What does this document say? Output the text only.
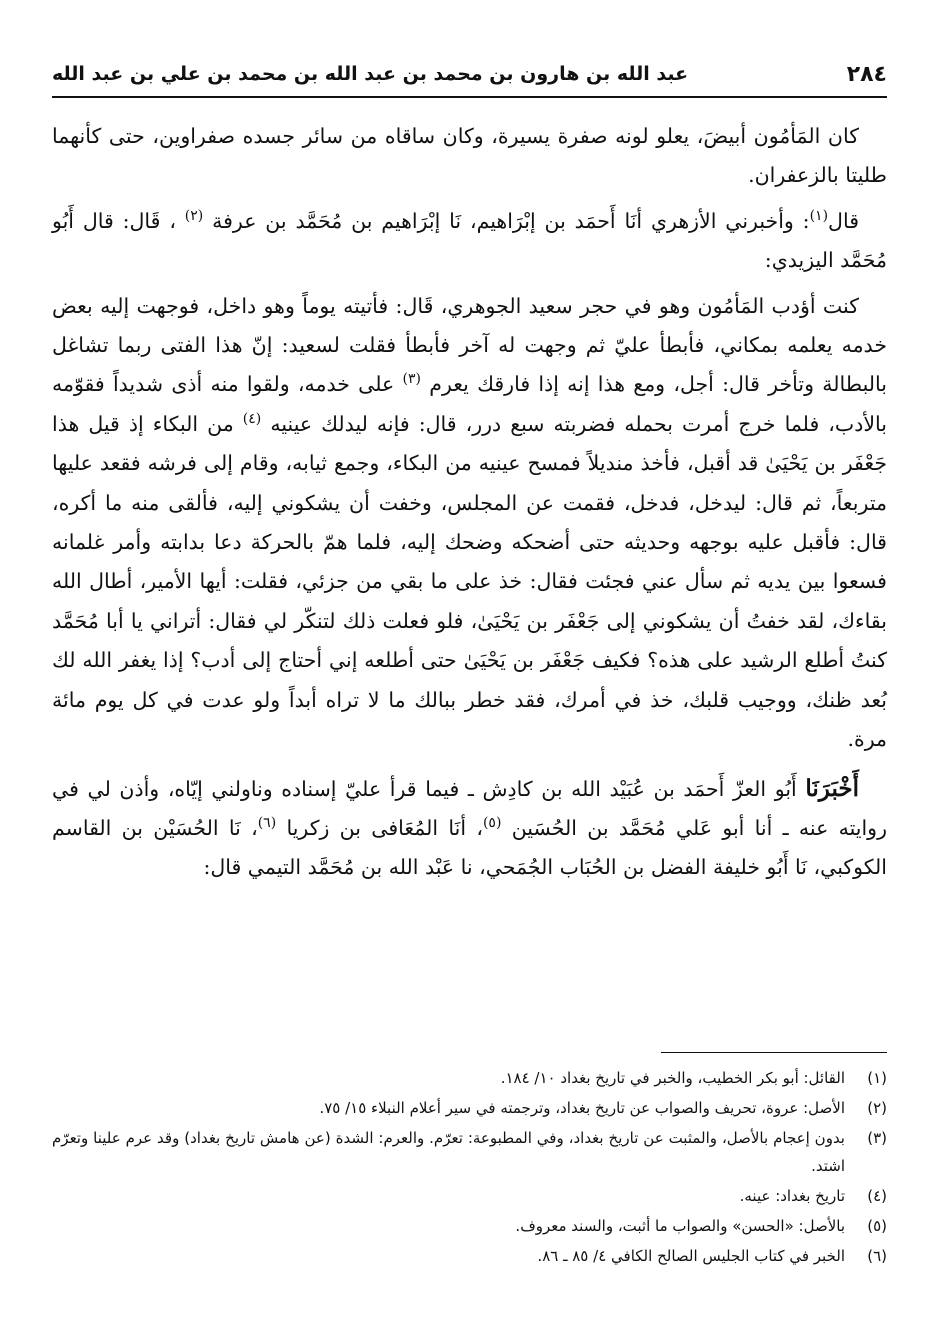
٢٨٤
عبد الله بن هارون بن محمد بن عبد الله بن محمد بن علي بن عبد الله

كان المَأمُون أبيضَ، يعلو لونه صفرة يسيرة، وكان ساقاه من سائر جسده صفراوين، حتى كأنهما طليتا بالزعفران.

قال$^{(١)}$: وأخبرني الأزهري أنَا أَحمَد بن إبْرَاهيم، نَا إبْرَاهيم بن مُحَمَّد بن عرفة $^{(٢)}$ ، قَال: قال أَبُو مُحَمَّد اليزيدي:

كنت أؤدب المَأمُون وهو في حجر سعيد الجوهري، قَال: فأتيته يوماً وهو داخل، فوجهت إليه بعض خدمه يعلمه بمكاني، فأبطأ عليّ ثم وجهت له آخر فأبطأ فقلت لسعيد: إنّ هذا الفتى ربما تشاغل بالبطالة وتأخر قال: أجل، ومع هذا إنه إذا فارقك يعرم $^{(٣)}$ على خدمه، ولقوا منه أذى شديداً فقوّمه بالأدب، فلما خرج أمرت بحمله فضربته سبع درر، قال: فإنه ليدلك عينيه $^{(٤)}$ من البكاء إذ قيل هذا جَعْفَر بن يَحْيَىٰ قد أقبل، فأخذ منديلاً فمسح عينيه من البكاء، وجمع ثيابه، وقام إلى فرشه فقعد عليها متربعاً، ثم قال: ليدخل، فدخل، فقمت عن المجلس، وخفت أن يشكوني إليه، فألقى منه ما أكره، قال: فأقبل عليه بوجهه وحديثه حتى أضحكه وضحك إليه، فلما همّ بالحركة دعا بدابته وأمر غلمانه فسعوا بين يديه ثم سأل عني فجئت فقال: خذ على ما بقي من جزئي، فقلت: أيها الأمير، أطال الله بقاءك، لقد خفتُ أن يشكوني إلى جَعْفَر بن يَحْيَىٰ، فلو فعلت ذلك لتنكّر لي فقال: أتراني يا أبا مُحَمَّد كنتُ أطلع الرشيد على هذه؟ فكيف جَعْفَر بن يَحْيَىٰ حتى أطلعه إني أحتاج إلى أدب؟ إذا يغفر الله لك بُعد ظنك، ووجيب قلبك، خذ في أمرك، فقد خطر ببالك ما لا تراه أبداً ولو عدت في كل يوم مائة مرة.

أَخْبَرَنَا أَبُو العزّ أَحمَد بن عُبَيْد الله بن كادِش ـ فيما قرأ عليّ إسناده وناولني إيّاه، وأذن لي في روايته عنه ـ أنا أبو عَلي مُحَمَّد بن الحُسَين $^{(٥)}$، أنَا المُعَافى بن زكريا $^{(٦)}$، نَا الحُسَيْن بن القاسم الكوكبي، نَا أَبُو خليفة الفضل بن الحُبَاب الجُمَحي، نا عَبْد الله بن مُحَمَّد التيمي قال:

(١)
القائل: أبو بكر الخطيب، والخبر في تاريخ بغداد ١٠/ ١٨٤.
(٢)
الأصل: عروة، تحريف والصواب عن تاريخ بغداد، وترجمته في سير أعلام النبلاء ١٥/ ٧٥.
(٣)
بدون إعجام بالأصل، والمثبت عن تاريخ بغداد، وفي المطبوعة: تعرّم. والعرم: الشدة (عن هامش تاريخ بغداد) وقد عرم علينا وتعرّم اشتد.
(٤)
تاريخ بغداد: عينه.
(٥)
بالأصل: «الحسن» والصواب ما أثبت، والسند معروف.
(٦)
الخبر في كتاب الجليس الصالح الكافي ٤/ ٨٥ ـ ٨٦.
